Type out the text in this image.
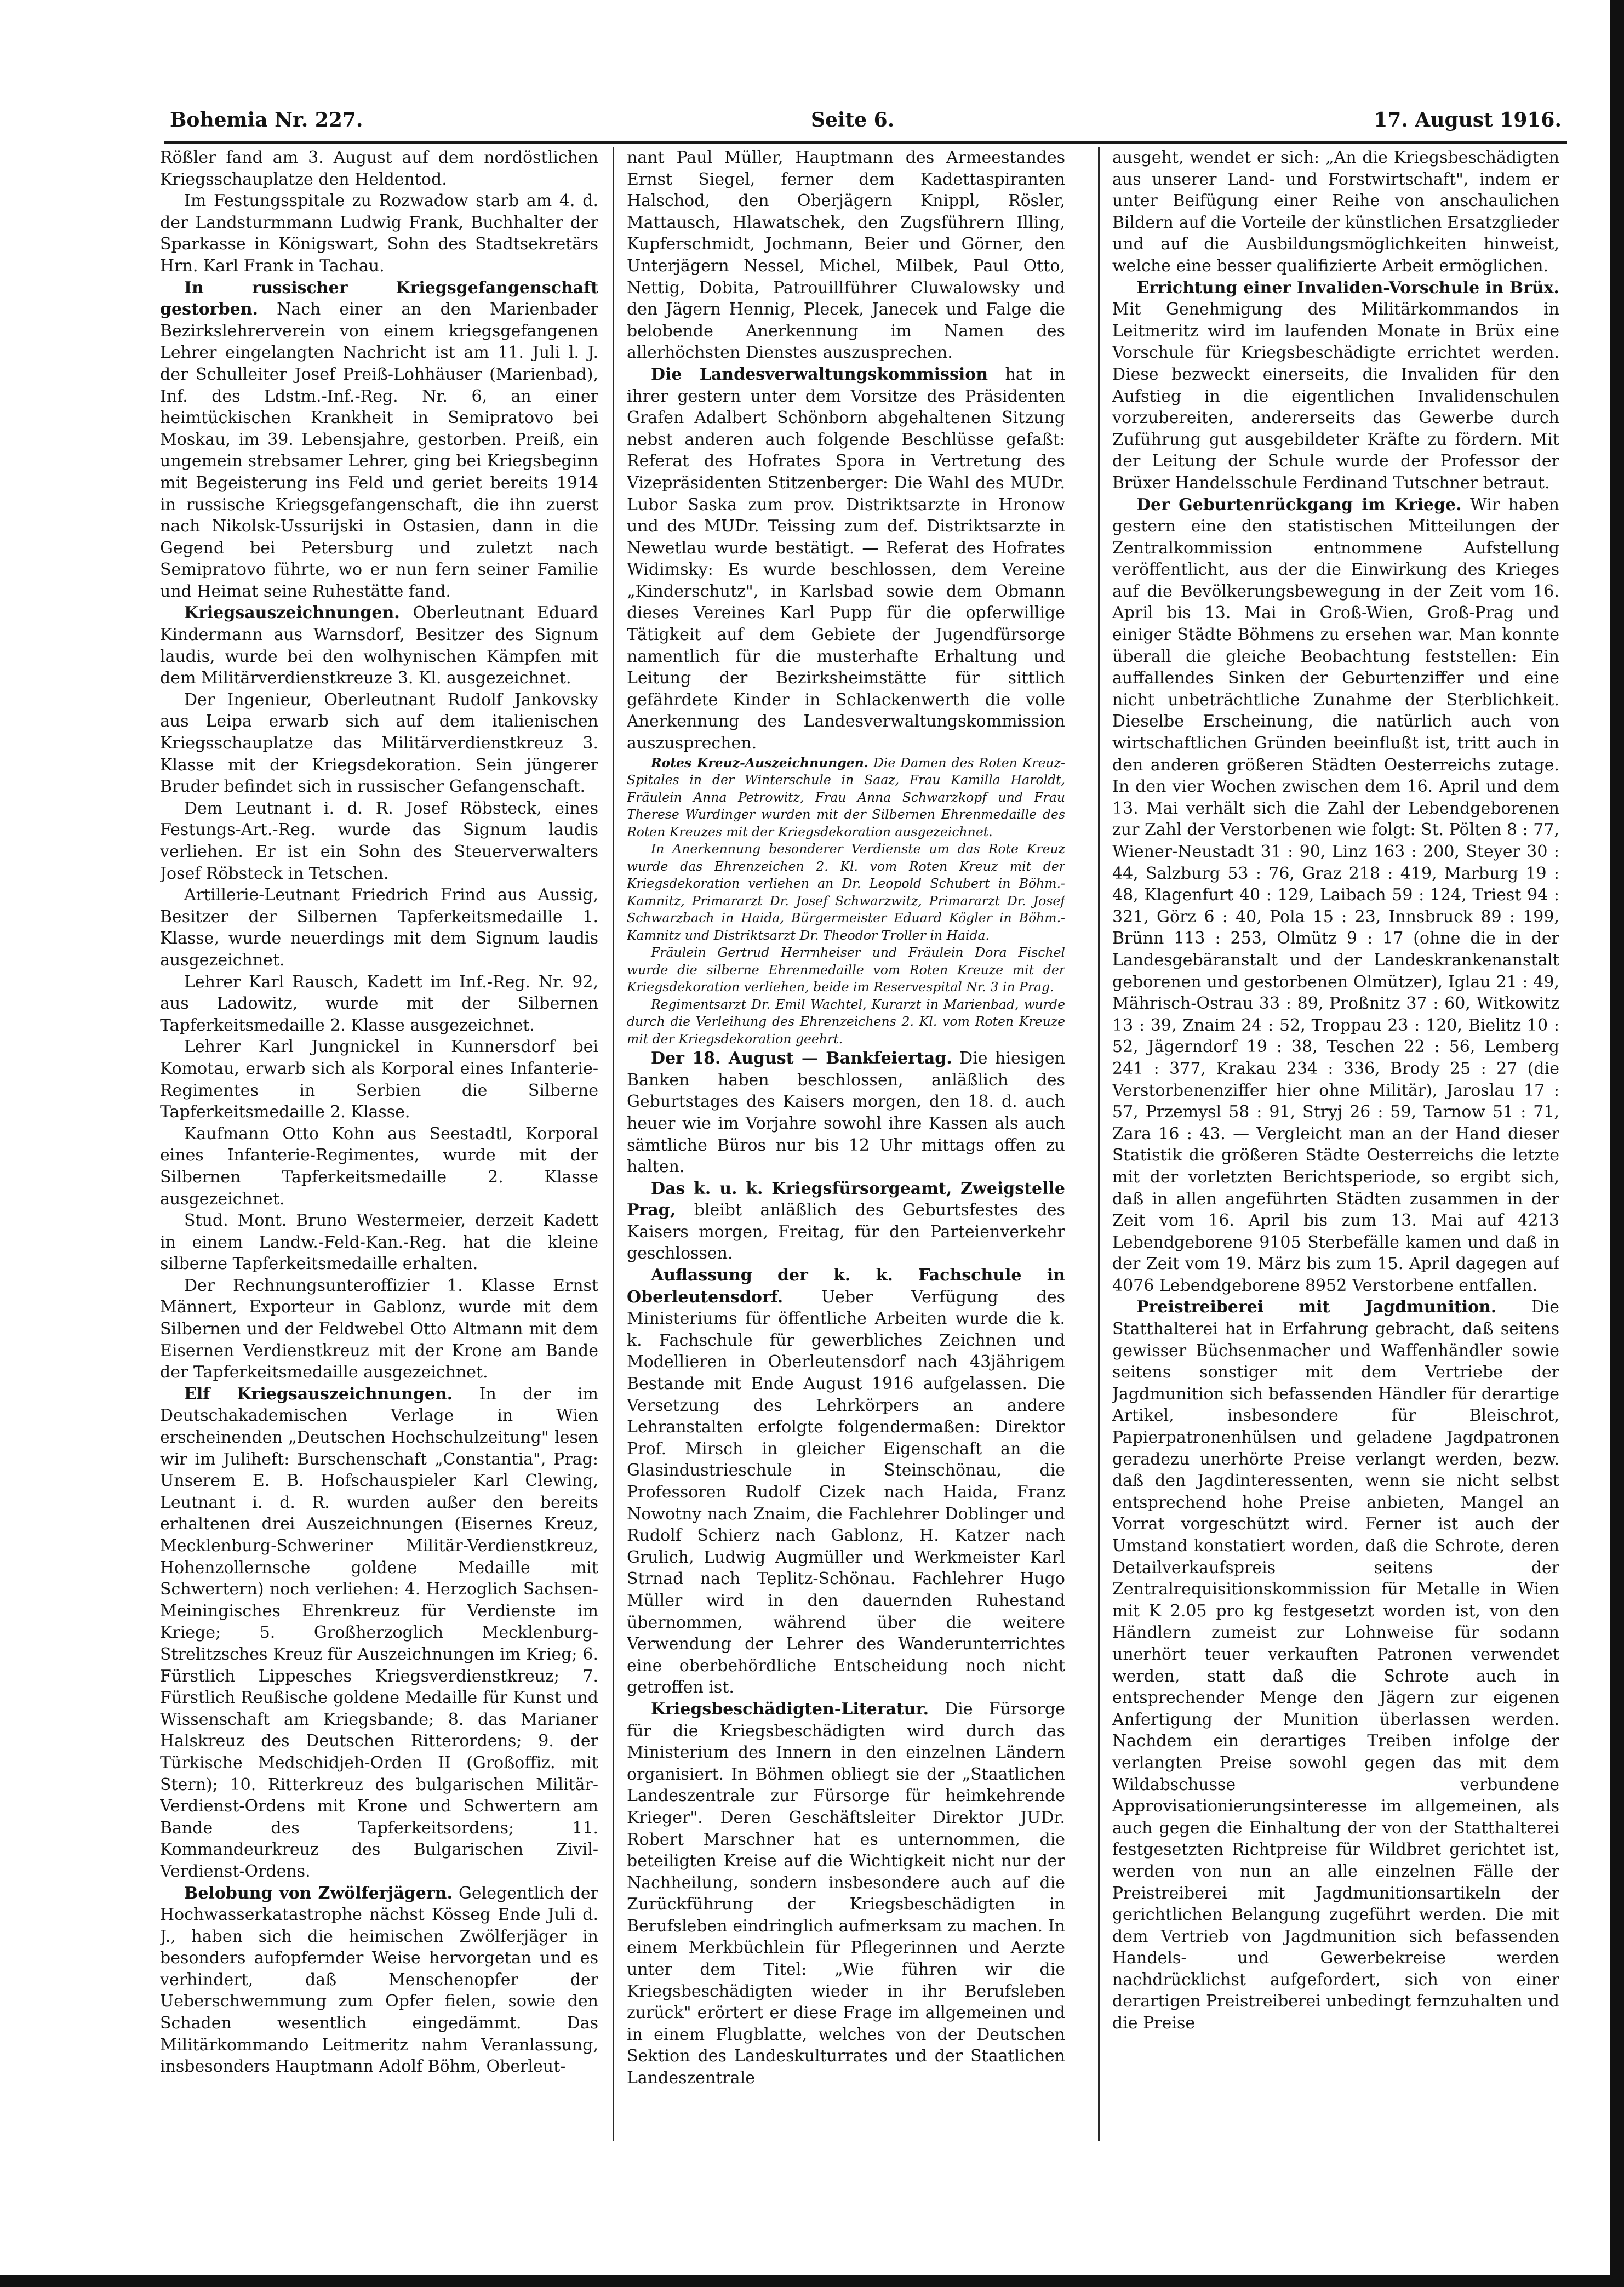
Bohemia Nr. 227.	Seite 6.	17. August 1916.

Rößler fand am 3. August auf dem nordöstlichen Kriegsschauplatze den Heldentod.

Im Festungsspitale zu Rozwadow starb am 4. d. der Landsturmmann Ludwig Frank, Buchhalter der Sparkasse in Königswart, Sohn des Stadtsekretärs Hrn. Karl Frank in Tachau.

In russischer Kriegsgefangenschaft gestorben. Nach einer an den Marienbader Bezirkslehrerverein von einem kriegsgefangenen Lehrer eingelangten Nachricht ist am 11. Juli l. J. der Schulleiter Josef Preiß-Lohhäuser (Marienbad), Inf. des Ldstm.-Inf.-Reg. Nr. 6, an einer heimtückischen Krankheit in Semipratovo bei Moskau, im 39. Lebensjahre, gestorben. Preiß, ein ungemein strebsamer Lehrer, ging bei Kriegsbeginn mit Begeisterung ins Feld und geriet bereits 1914 in russische Kriegsgefangenschaft, die ihn zuerst nach Nikolsk-Ussurijski in Ostasien, dann in die Gegend bei Petersburg und zuletzt nach Semipratovo führte, wo er nun fern seiner Familie und Heimat seine Ruhestätte fand.

Kriegsauszeichnungen. Oberleutnant Eduard Kindermann aus Warnsdorf, Besitzer des Signum laudis, wurde bei den wolhynischen Kämpfen mit dem Militärverdienstkreuze 3. Kl. ausgezeichnet.

Der Ingenieur, Oberleutnant Rudolf Jankovsky aus Leipa erwarb sich auf dem italienischen Kriegsschauplatze das Militärverdienstkreuz 3. Klasse mit der Kriegsdekoration. Sein jüngerer Bruder befindet sich in russischer Gefangenschaft.

Dem Leutnant i. d. R. Josef Röbsteck, eines Festungs-Art.-Reg. wurde das Signum laudis verliehen. Er ist ein Sohn des Steuerverwalters Josef Röbsteck in Tetschen.

Artillerie-Leutnant Friedrich Frind aus Aussig, Besitzer der Silbernen Tapferkeitsmedaille 1. Klasse, wurde neuerdings mit dem Signum laudis ausgezeichnet.

Lehrer Karl Rausch, Kadett im Inf.-Reg. Nr. 92, aus Ladowitz, wurde mit der Silbernen Tapferkeitsmedaille 2. Klasse ausgezeichnet.

Lehrer Karl Jungnickel in Kunnersdorf bei Komotau, erwarb sich als Korporal eines Infanterie-Regimentes in Serbien die Silberne Tapferkeitsmedaille 2. Klasse.

Kaufmann Otto Kohn aus Seestadtl, Korporal eines Infanterie-Regimentes, wurde mit der Silbernen Tapferkeitsmedaille 2. Klasse ausgezeichnet.

Stud. Mont. Bruno Westermeier, derzeit Kadett in einem Landw.-Feld-Kan.-Reg. hat die kleine silberne Tapferkeitsmedaille erhalten.

Der Rechnungsunteroffizier 1. Klasse Ernst Männert, Exporteur in Gablonz, wurde mit dem Silbernen und der Feldwebel Otto Altmann mit dem Eisernen Verdienstkreuz mit der Krone am Bande der Tapferkeitsmedaille ausgezeichnet.

Elf Kriegsauszeichnungen. In der im Deutschakademischen Verlage in Wien erscheinenden „Deutschen Hochschulzeitung" lesen wir im Juliheft: Burschenschaft „Constantia", Prag: Unserem E. B. Hofschauspieler Karl Clewing, Leutnant i. d. R. wurden außer den bereits erhaltenen drei Auszeichnungen (Eisernes Kreuz, Mecklenburg-Schweriner Militär-Verdienstkreuz, Hohenzollernsche goldene Medaille mit Schwertern) noch verliehen: 4. Herzoglich Sachsen-Meiningisches Ehrenkreuz für Verdienste im Kriege; 5. Großherzoglich Mecklenburg-Strelitzsches Kreuz für Auszeichnungen im Krieg; 6. Fürstlich Lippesches Kriegsverdienstkreuz; 7. Fürstlich Reußische goldene Medaille für Kunst und Wissenschaft am Kriegsbande; 8. das Marianer Halskreuz des Deutschen Ritterordens; 9. der Türkische Medschidjeh-Orden II (Großoffiz. mit Stern); 10. Ritterkreuz des bulgarischen Militär-Verdienst-Ordens mit Krone und Schwertern am Bande des Tapferkeitsordens; 11. Kommandeurkreuz des Bulgarischen Zivil-Verdienst-Ordens.

Belobung von Zwölferjägern. Gelegentlich der Hochwasserkatastrophe nächst Kösseg Ende Juli d. J., haben sich die heimischen Zwölferjäger in besonders aufopfernder Weise hervorgetan und es verhindert, daß Menschenopfer der Ueberschwemmung zum Opfer fielen, sowie den Schaden wesentlich eingedämmt. Das Militärkommando Leitmeritz nahm Veranlassung, insbesonders Hauptmann Adolf Böhm, Oberleut-

nant Paul Müller, Hauptmann des Armeestandes Ernst Siegel, ferner dem Kadettaspiranten Halschod, den Oberjägern Knippl, Rösler, Mattausch, Hlawatschek, den Zugsführern Illing, Kupferschmidt, Jochmann, Beier und Görner, den Unterjägern Nessel, Michel, Milbek, Paul Otto, Nettig, Dobita, Patrouillführer Cluwalowsky und den Jägern Hennig, Plecek, Janecek und Falge die belobende Anerkennung im Namen des allerhöchsten Dienstes auszusprechen.

Die Landesverwaltungskommission hat in ihrer gestern unter dem Vorsitze des Präsidenten Grafen Adalbert Schönborn abgehaltenen Sitzung nebst anderen auch folgende Beschlüsse gefaßt: Referat des Hofrates Spora in Vertretung des Vizepräsidenten Stitzenberger: Die Wahl des MUDr. Lubor Saska zum prov. Distriktsarzte in Hronow und des MUDr. Teissing zum def. Distriktsarzte in Newetlau wurde bestätigt. — Referat des Hofrates Widimsky: Es wurde beschlossen, dem Vereine „Kinderschutz", in Karlsbad sowie dem Obmann dieses Vereines Karl Pupp für die opferwillige Tätigkeit auf dem Gebiete der Jugendfürsorge namentlich für die musterhafte Erhaltung und Leitung der Bezirksheimstätte für sittlich gefährdete Kinder in Schlackenwerth die volle Anerkennung des Landesverwaltungskommission auszusprechen.

Rotes Kreuz-Auszeichnungen. Die Damen des Roten Kreuz-Spitales in der Winterschule in Saaz, Frau Kamilla Haroldt, Fräulein Anna Petrowitz, Frau Anna Schwarzkopf und Frau Therese Wurdinger wurden mit der Silbernen Ehrenmedaille des Roten Kreuzes mit der Kriegsdekoration ausgezeichnet.

In Anerkennung besonderer Verdienste um das Rote Kreuz wurde das Ehrenzeichen 2. Kl. vom Roten Kreuz mit der Kriegsdekoration verliehen an Dr. Leopold Schubert in Böhm.-Kamnitz, Primararzt Dr. Josef Schwarzwitz, Primararzt Dr. Josef Schwarzbach in Haida, Bürgermeister Eduard Kögler in Böhm.-Kamnitz und Distriktsarzt Dr. Theodor Troller in Haida.

Fräulein Gertrud Herrnheiser und Fräulein Dora Fischel wurde die silberne Ehrenmedaille vom Roten Kreuze mit der Kriegsdekoration verliehen, beide im Reservespital Nr. 3 in Prag.

Regimentsarzt Dr. Emil Wachtel, Kurarzt in Marienbad, wurde durch die Verleihung des Ehrenzeichens 2. Kl. vom Roten Kreuze mit der Kriegsdekoration geehrt.

Der 18. August — Bankfeiertag. Die hiesigen Banken haben beschlossen, anläßlich des Geburtstages des Kaisers morgen, den 18. d. auch heuer wie im Vorjahre sowohl ihre Kassen als auch sämtliche Büros nur bis 12 Uhr mittags offen zu halten.

Das k. u. k. Kriegsfürsorgeamt, Zweigstelle Prag, bleibt anläßlich des Geburtsfestes des Kaisers morgen, Freitag, für den Parteienverkehr geschlossen.

Auflassung der k. k. Fachschule in Oberleutensdorf. Ueber Verfügung des Ministeriums für öffentliche Arbeiten wurde die k. k. Fachschule für gewerbliches Zeichnen und Modellieren in Oberleutensdorf nach 43jährigem Bestande mit Ende August 1916 aufgelassen. Die Versetzung des Lehrkörpers an andere Lehranstalten erfolgte folgendermaßen: Direktor Prof. Mirsch in gleicher Eigenschaft an die Glasindustrieschule in Steinschönau, die Professoren Rudolf Cizek nach Haida, Franz Nowotny nach Znaim, die Fachlehrer Doblinger und Rudolf Schierz nach Gablonz, H. Katzer nach Grulich, Ludwig Augmüller und Werkmeister Karl Strnad nach Teplitz-Schönau. Fachlehrer Hugo Müller wird in den dauernden Ruhestand übernommen, während über die weitere Verwendung der Lehrer des Wanderunterrichtes eine oberbehördliche Entscheidung noch nicht getroffen ist.

Kriegsbeschädigten-Literatur. Die Fürsorge für die Kriegsbeschädigten wird durch das Ministerium des Innern in den einzelnen Ländern organisiert. In Böhmen obliegt sie der „Staatlichen Landeszentrale zur Fürsorge für heimkehrende Krieger". Deren Geschäftsleiter Direktor JUDr. Robert Marschner hat es unternommen, die beteiligten Kreise auf die Wichtigkeit nicht nur der Nachheilung, sondern insbesondere auch auf die Zurückführung der Kriegsbeschädigten in Berufsleben eindringlich aufmerksam zu machen. In einem Merkbüchlein für Pflegerinnen und Aerzte unter dem Titel: „Wie führen wir die Kriegsbeschädigten wieder in ihr Berufsleben zurück" erörtert er diese Frage im allgemeinen und in einem Flugblatte, welches von der Deutschen Sektion des Landeskulturrates und der Staatlichen Landeszentrale

ausgeht, wendet er sich: „An die Kriegsbeschädigten aus unserer Land- und Forstwirtschaft", indem er unter Beifügung einer Reihe von anschaulichen Bildern auf die Vorteile der künstlichen Ersatzglieder und auf die Ausbildungsmöglichkeiten hinweist, welche eine besser qualifizierte Arbeit ermöglichen.

Errichtung einer Invaliden-Vorschule in Brüx. Mit Genehmigung des Militärkommandos in Leitmeritz wird im laufenden Monate in Brüx eine Vorschule für Kriegsbeschädigte errichtet werden. Diese bezweckt einerseits, die Invaliden für den Aufstieg in die eigentlichen Invalidenschulen vorzubereiten, andererseits das Gewerbe durch Zuführung gut ausgebildeter Kräfte zu fördern. Mit der Leitung der Schule wurde der Professor der Brüxer Handelsschule Ferdinand Tutschner betraut.

Der Geburtenrückgang im Kriege. Wir haben gestern eine den statistischen Mitteilungen der Zentralkommission entnommene Aufstellung veröffentlicht, aus der die Einwirkung des Krieges auf die Bevölkerungsbewegung in der Zeit vom 16. April bis 13. Mai in Groß-Wien, Groß-Prag und einiger Städte Böhmens zu ersehen war. Man konnte überall die gleiche Beobachtung feststellen: Ein auffallendes Sinken der Geburtenziffer und eine nicht unbeträchtliche Zunahme der Sterblichkeit. Dieselbe Erscheinung, die natürlich auch von wirtschaftlichen Gründen beeinflußt ist, tritt auch in den anderen größeren Städten Oesterreichs zutage. In den vier Wochen zwischen dem 16. April und dem 13. Mai verhält sich die Zahl der Lebendgeborenen zur Zahl der Verstorbenen wie folgt: St. Pölten 8 : 77, Wiener-Neustadt 31 : 90, Linz 163 : 200, Steyer 30 : 44, Salzburg 53 : 76, Graz 218 : 419, Marburg 19 : 48, Klagenfurt 40 : 129, Laibach 59 : 124, Triest 94 : 321, Görz 6 : 40, Pola 15 : 23, Innsbruck 89 : 199, Brünn 113 : 253, Olmütz 9 : 17 (ohne die in der Landesgebäranstalt und der Landeskrankenanstalt geborenen und gestorbenen Olmützer), Iglau 21 : 49, Mährisch-Ostrau 33 : 89, Proßnitz 37 : 60, Witkowitz 13 : 39, Znaim 24 : 52, Troppau 23 : 120, Bielitz 10 : 52, Jägerndorf 19 : 38, Teschen 22 : 56, Lemberg 241 : 377, Krakau 234 : 336, Brody 25 : 27 (die Verstorbenenziffer hier ohne Militär), Jaroslau 17 : 57, Przemysl 58 : 91, Stryj 26 : 59, Tarnow 51 : 71, Zara 16 : 43. — Vergleicht man an der Hand dieser Statistik die größeren Städte Oesterreichs die letzte mit der vorletzten Berichtsperiode, so ergibt sich, daß in allen angeführten Städten zusammen in der Zeit vom 16. April bis zum 13. Mai auf 4213 Lebendgeborene 9105 Sterbefälle kamen und daß in der Zeit vom 19. März bis zum 15. April dagegen auf 4076 Lebendgeborene 8952 Verstorbene entfallen.

Preistreiberei mit Jagdmunition. Die Statthalterei hat in Erfahrung gebracht, daß seitens gewisser Büchsenmacher und Waffenhändler sowie seitens sonstiger mit dem Vertriebe der Jagdmunition sich befassenden Händler für derartige Artikel, insbesondere für Bleischrot, Papierpatronenhülsen und geladene Jagdpatronen geradezu unerhörte Preise verlangt werden, bezw. daß den Jagdinteressenten, wenn sie nicht selbst entsprechend hohe Preise anbieten, Mangel an Vorrat vorgeschützt wird. Ferner ist auch der Umstand konstatiert worden, daß die Schrote, deren Detailverkaufspreis seitens der Zentralrequisitionskommission für Metalle in Wien mit K 2.05 pro kg festgesetzt worden ist, von den Händlern zumeist zur Lohnweise für sodann unerhört teuer verkauften Patronen verwendet werden, statt daß die Schrote auch in entsprechender Menge den Jägern zur eigenen Anfertigung der Munition überlassen werden. Nachdem ein derartiges Treiben infolge der verlangten Preise sowohl gegen das mit dem Wildabschusse verbundene Approvisationierungsinteresse im allgemeinen, als auch gegen die Einhaltung der von der Statthalterei festgesetzten Richtpreise für Wildbret gerichtet ist, werden von nun an alle einzelnen Fälle der Preistreiberei mit Jagdmunitionsartikeln der gerichtlichen Belangung zugeführt werden. Die mit dem Vertrieb von Jagdmunition sich befassenden Handels- und Gewerbekreise werden nachdrücklichst aufgefordert, sich von einer derartigen Preistreiberei unbedingt fernzuhalten und die Preise
